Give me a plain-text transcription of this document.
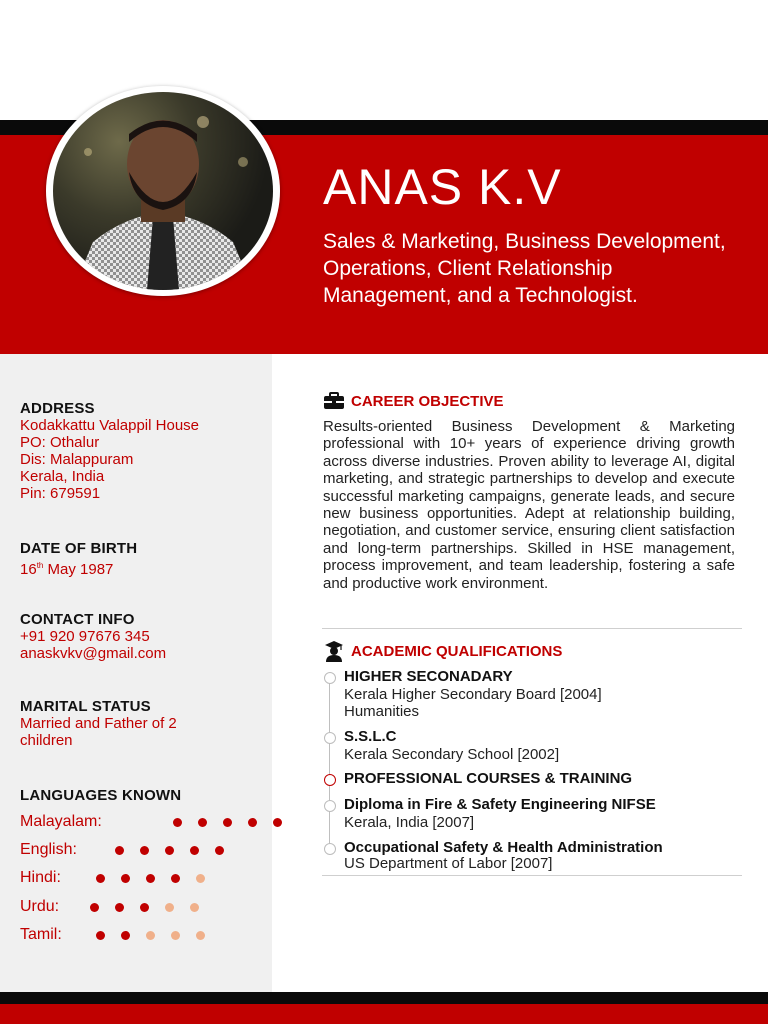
ANAS K.V
Sales & Marketing, Business Development, Operations, Client Relationship Management, and a Technologist.
ADDRESS
Kodakkattu Valappil House
PO: Othalur
Dis: Malappuram
Kerala, India
Pin: 679591
DATE OF BIRTH
16th May 1987
CONTACT INFO
+91 920 97676 345
anaskvkv@gmail.com
MARITAL STATUS
Married and Father of 2 children
LANGUAGES KNOWN
Malayalam:
English:
Hindi:
Urdu:
Tamil:
CAREER OBJECTIVE
Results-oriented Business Development & Marketing professional with 10+ years of experience driving growth across diverse industries. Proven ability to leverage AI, digital marketing, and strategic partnerships to develop and execute successful marketing campaigns, generate leads, and secure new business opportunities. Adept at relationship building, negotiation, and customer service, ensuring client satisfaction and long-term partnerships. Skilled in HSE management, process improvement, and team leadership, fostering a safe and productive work environment.
ACADEMIC QUALIFICATIONS
HIGHER SECONADARY
Kerala Higher Secondary Board [2004]
Humanities
S.S.L.C
Kerala Secondary School [2002]
PROFESSIONAL COURSES & TRAINING
Diploma in Fire & Safety Engineering NIFSE
Kerala, India [2007]
Occupational Safety & Health Administration
US Department of Labor [2007]
